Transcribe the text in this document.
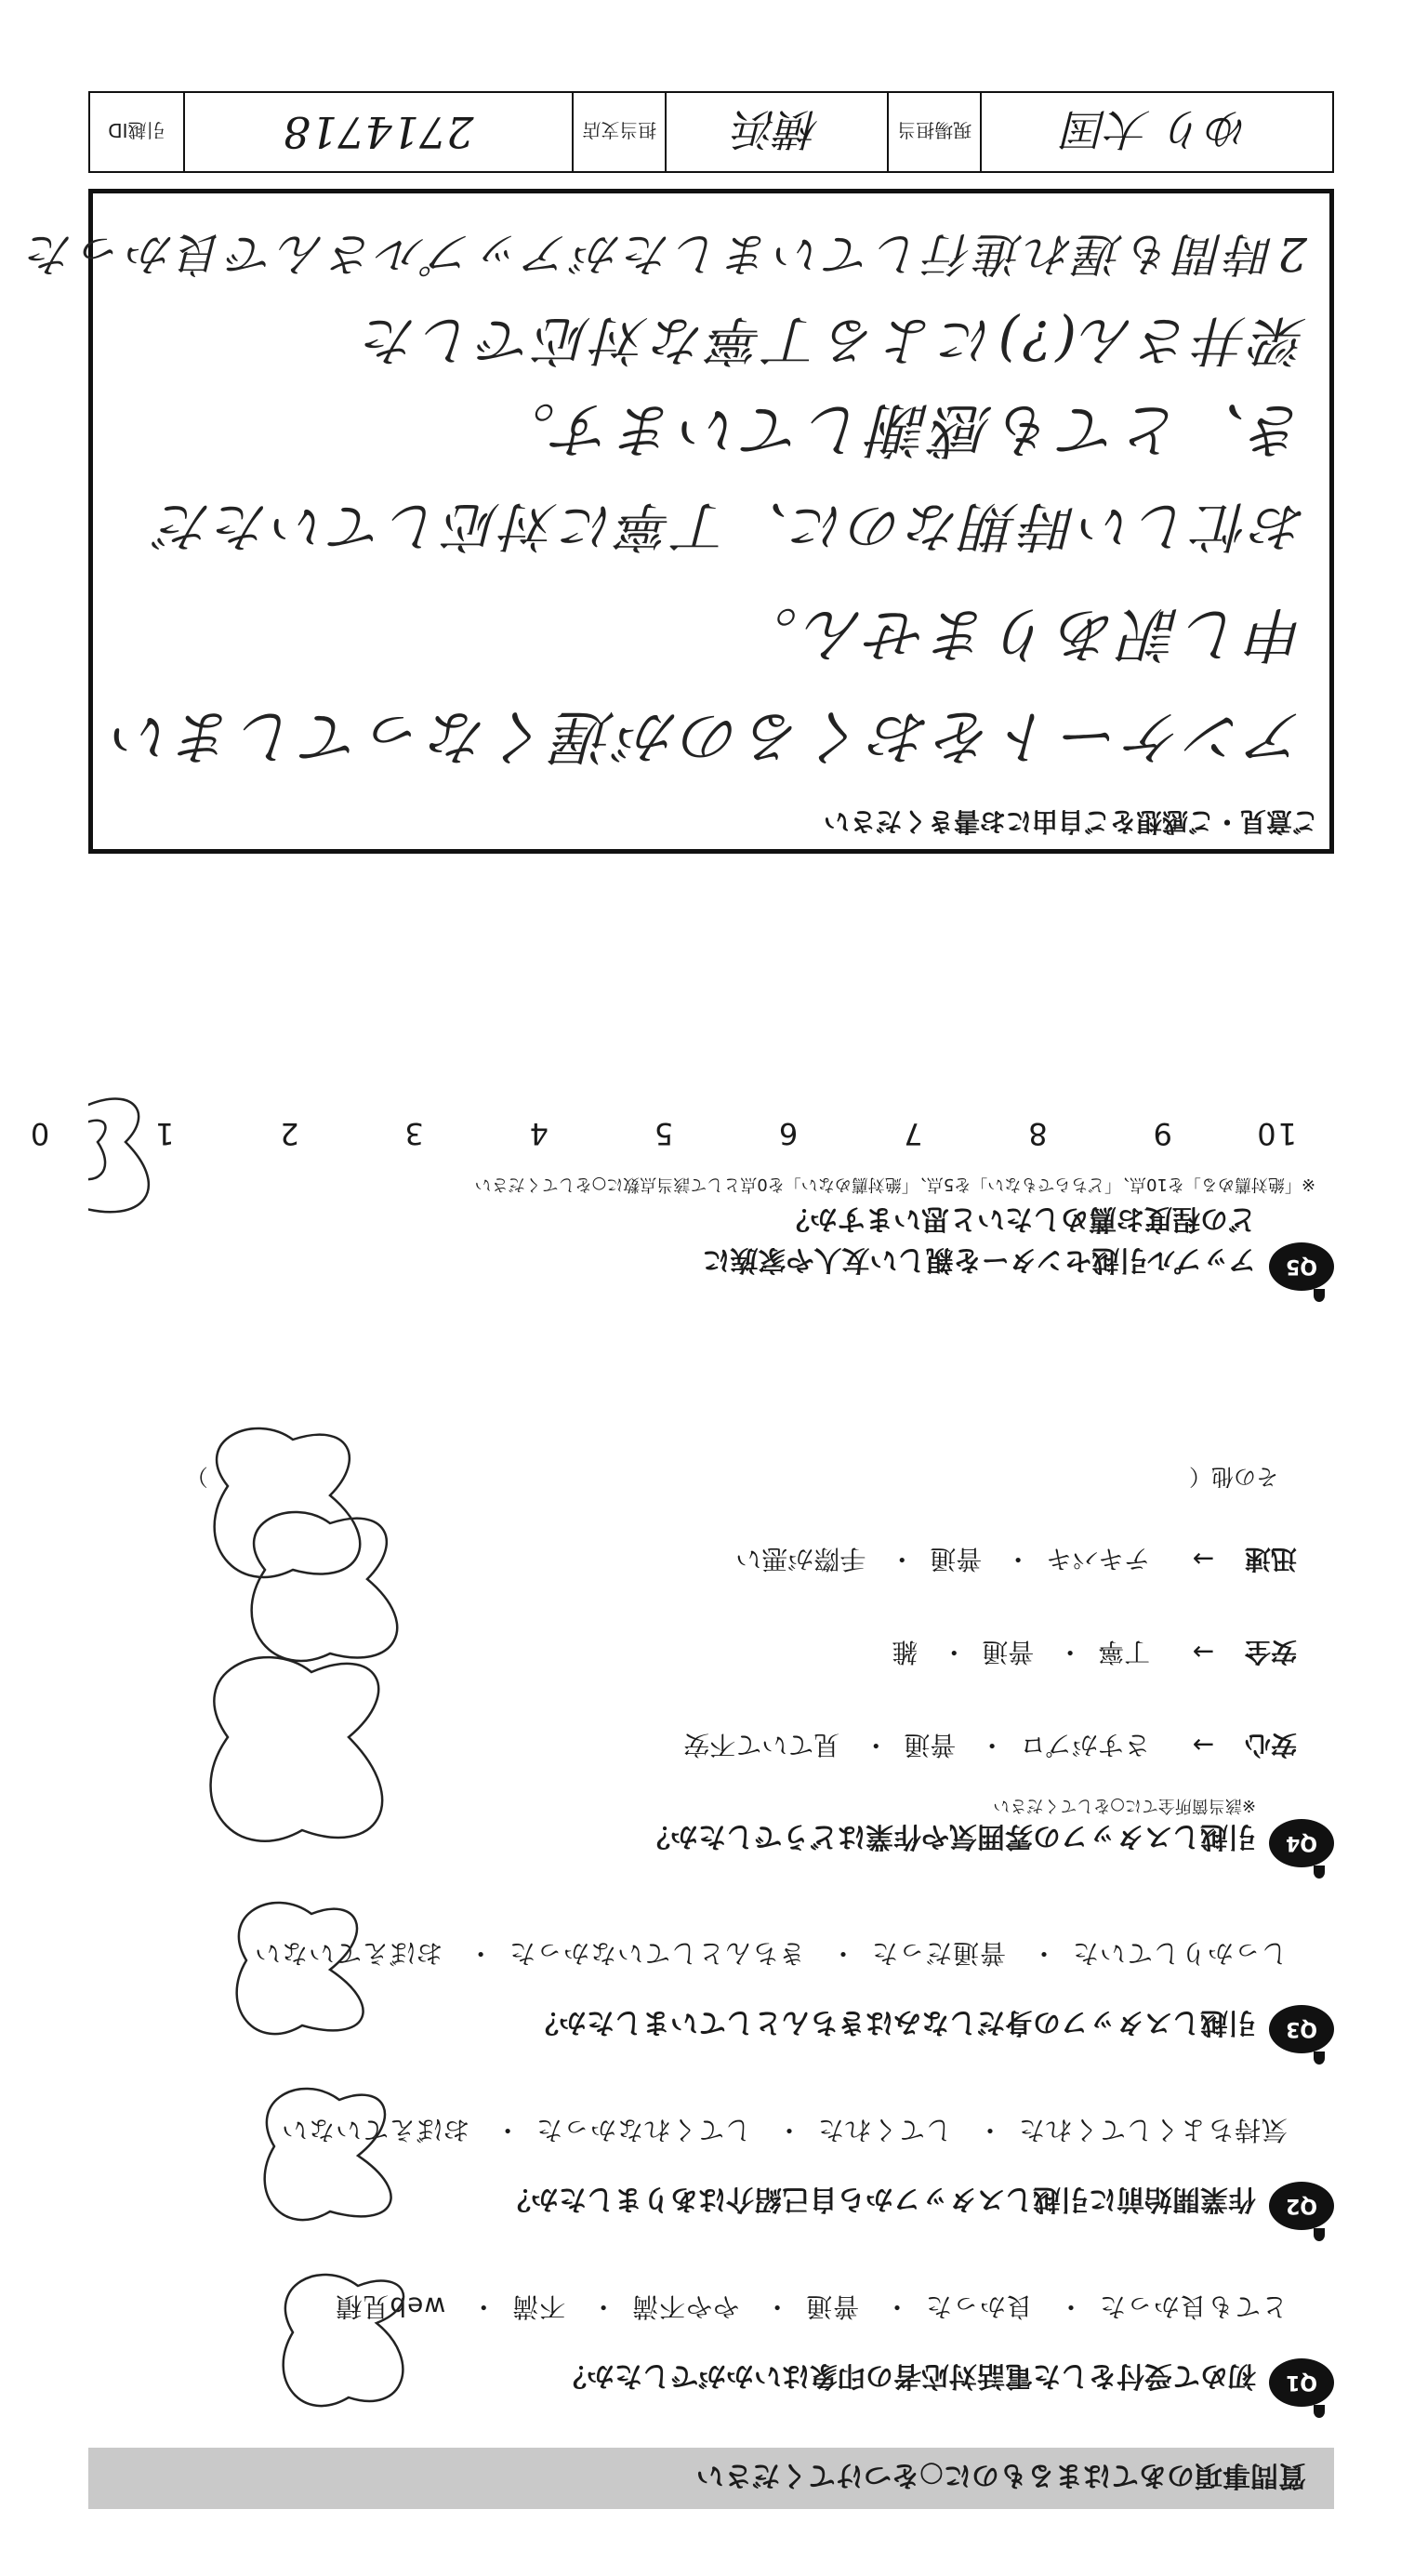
質問事項のあてはまるものに○をつけてください
Q1
初めて受付をした電話対応者の印象はいかがでしたか？
とても良かった・ 良かった・ 普通・ やや不満・ 不満・ web見積
Q2
作業開始前に引越しスタッフから自己紹介はありましたか？
気持ちよくしてくれた・ してくれた・ してくれなかった・ おぼえていない
Q3
引越しスタッフの身だしなみはきちんとしていましたか？
しっかりしていた・ 普通だった・ きちんとしていなかった・ おぼえていない
Q4
引越しスタッフの雰囲気や作業はどうでしたか？
※該当箇所全てに○をしてください
安心 → さすがプロ・ 普通・ 見ていて不安
安全 → 丁寧・ 普通・ 雑
迅速 → テキパキ・ 普通・ 手際が悪い
その他（  ）
Q5
アップル引越センターを親しい友人や家族に
どの程度お薦めしたいと思いますか？
※「絶対薦める」を10点、「どちらでもない」を5点、「絶対薦めない」を0点として該当点数に○をしてください
10 9 8 7 6 5 4 3 2 1 0
ご意見・ご感想をご自由にお書きください
アンケートをおくるのが遅くなってしまい
申し訳ありません。
お忙しい時期なのに、丁寧に対応していただ
き、とても感謝しています。
梁井さん(?)による丁寧な対応でした
2時間も遅れ進行していましたがアップルさんで良かった
ゆり 大国
現場担当
横浜
担当支店
2714718
引越ID
